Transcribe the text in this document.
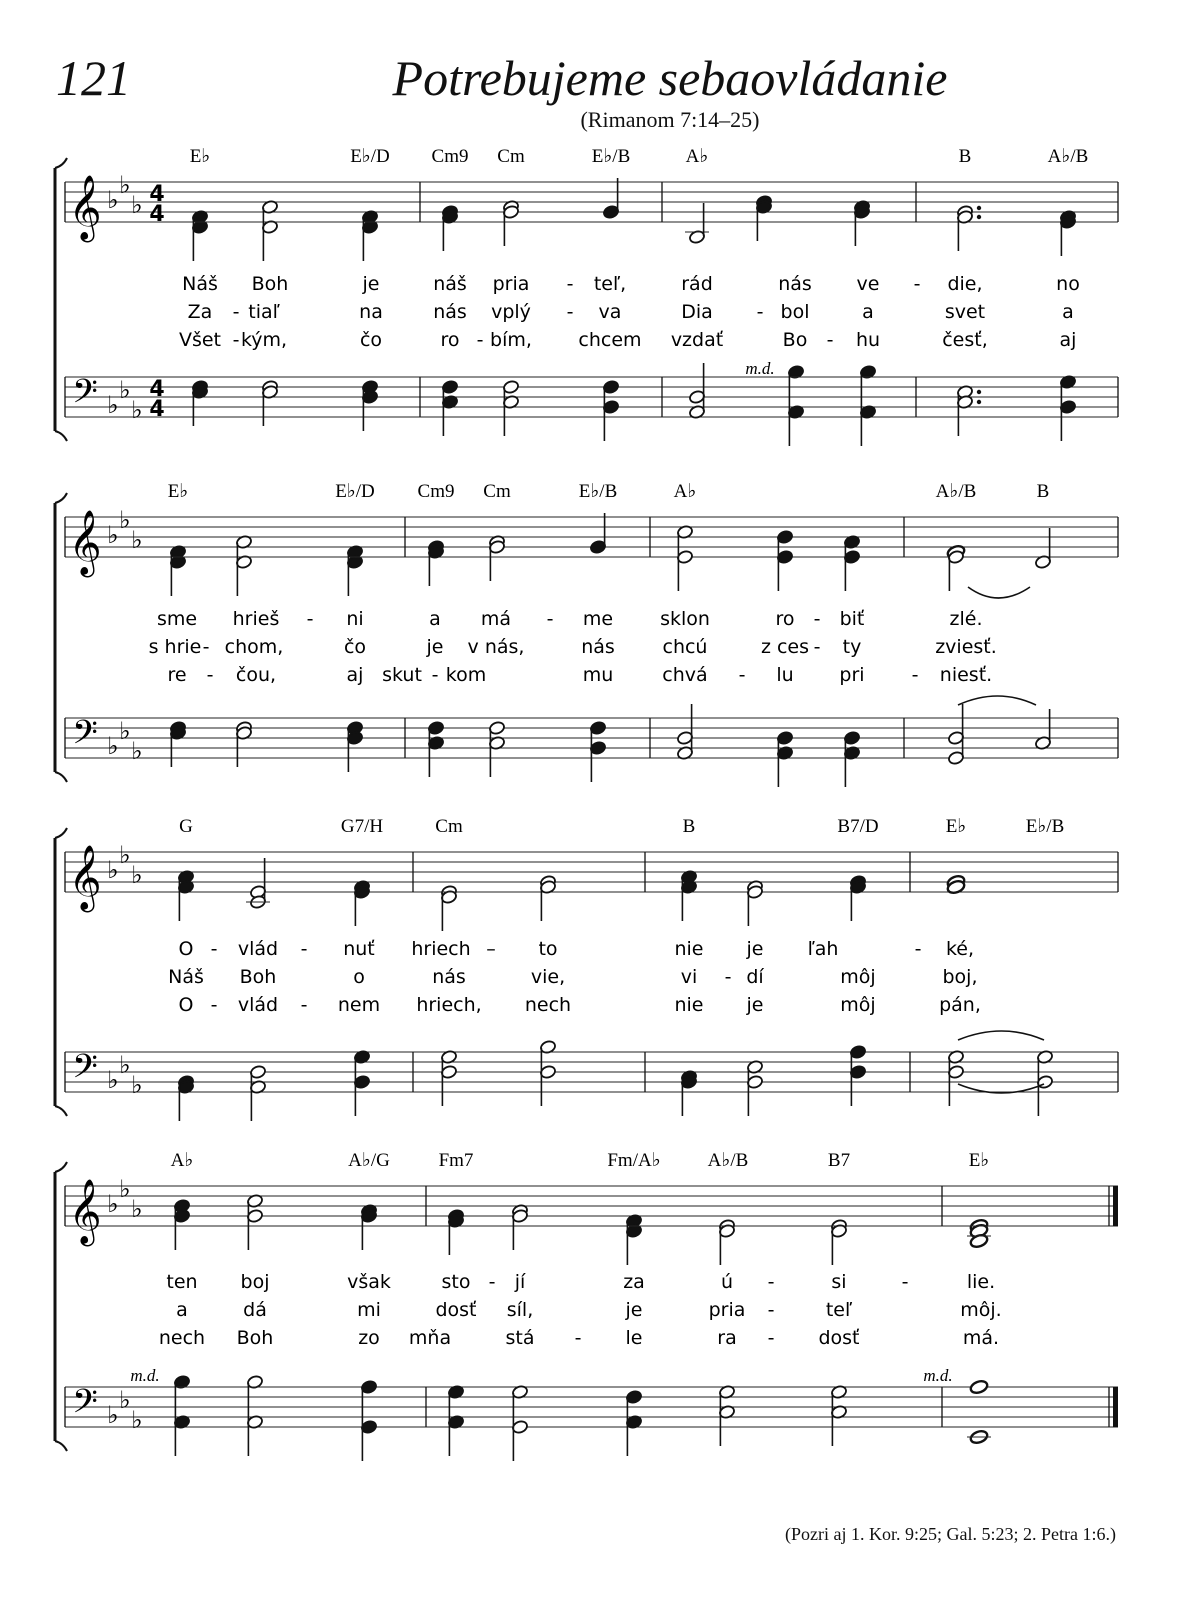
121	Potrebujeme sebaovládanie
(Rimanom 7:14–25)
𝄞
𝄢
♭
♭
♭
♭
♭
♭
4
4
4
4
E♭	E♭/D Cm9 Cm	E♭/B	A♭	B	A♭/B
Náš Boh	je	náš pria - teľ,	rád	nás ve - die,	no
Za - tiaľ	na	nás vplý - va	Dia - bol	a	svet	a
Všet - kým,	čo	ro - bím, chcem vzdať	Bo - hu	česť,	aj
m.d.
𝄞
𝄢
♭
♭
♭
♭
♭
♭
E♭	E♭/D Cm9 Cm	E♭/B	A♭	A♭/B	B
sme hrieš - ni	a má - me sklon	ro - biť	zlé.
s hrie - chom,	čo	je v nás,	nás	chcú	z ces - ty	zviesť.
re - čou,	aj skut - kom	mu	chvá - lu pri - niesť.
𝄞
𝄢
♭
♭
♭
♭
♭
♭
G	G7/H	Cm	B	B7/D	E♭	E♭/B
O - vlád - nuť hriech – to	nie je ľah	- ké,
Náš Boh	o	nás	vie,	vi - dí	môj	boj,
O - vlád - nem hriech, nech	nie je	môj	pán,
𝄞
𝄢
♭
♭
♭
♭
♭
♭
A♭	A♭/G	Fm7	Fm/A♭ A♭/B	B7	E♭
ten boj	však	sto - jí	za	ú -	si	-	lie.
a	dá	mi	dosť síl,	je	pria -	teľ	môj.
nech Boh	zo mňa	stá - le	ra - dosť	má.
m.d.	m.d.
(Pozri aj 1. Kor. 9:25; Gal. 5:23; 2. Petra 1:6.)
